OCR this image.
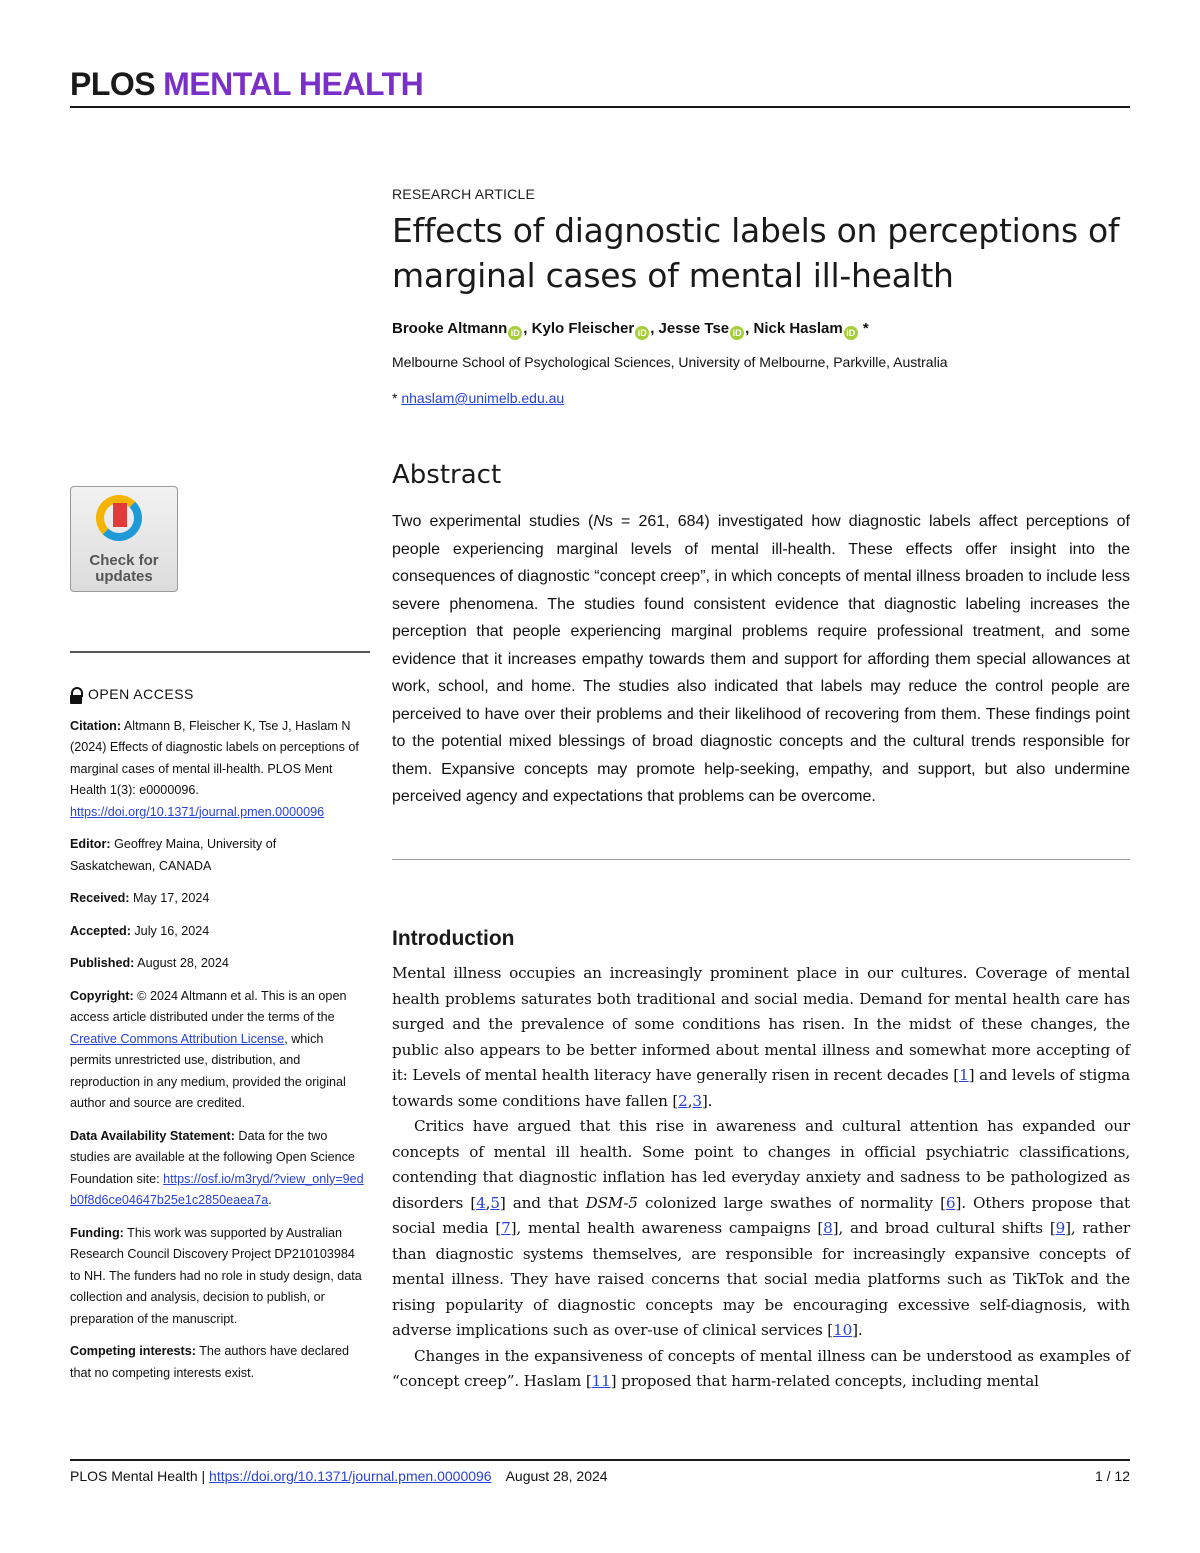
PLOS MENTAL HEALTH

RESEARCH ARTICLE

Effects of diagnostic labels on perceptions of marginal cases of mental ill-health

Brooke Altmann iD , Kylo Fleischer iD , Jesse Tse iD , Nick Haslam iD *

Melbourne School of Psychological Sciences, University of Melbourne, Parkville, Australia

* nhaslam@unimelb.edu.au

Abstract

Two experimental studies (Ns = 261, 684) investigated how diagnostic labels affect perceptions of people experiencing marginal levels of mental ill-health. These effects offer insight into the consequences of diagnostic “concept creep”, in which concepts of mental illness broaden to include less severe phenomena. The studies found consistent evidence that diagnostic labeling increases the perception that people experiencing marginal problems require professional treatment, and some evidence that it increases empathy towards them and support for affording them special allowances at work, school, and home. The studies also indicated that labels may reduce the control people are perceived to have over their problems and their likelihood of recovering from them. These findings point to the potential mixed blessings of broad diagnostic concepts and the cultural trends responsible for them. Expansive concepts may promote help-seeking, empathy, and support, but also undermine perceived agency and expectations that problems can be overcome.

Introduction

Mental illness occupies an increasingly prominent place in our cultures. Coverage of mental health problems saturates both traditional and social media. Demand for mental health care has surged and the prevalence of some conditions has risen. In the midst of these changes, the public also appears to be better informed about mental illness and somewhat more accepting of it: Levels of mental health literacy have generally risen in recent decades [1] and levels of stigma towards some conditions have fallen [2,3].

Critics have argued that this rise in awareness and cultural attention has expanded our concepts of mental ill health. Some point to changes in official psychiatric classifications, contending that diagnostic inflation has led everyday anxiety and sadness to be pathologized as disorders [4,5] and that DSM-5 colonized large swathes of normality [6]. Others propose that social media [7], mental health awareness campaigns [8], and broad cultural shifts [9], rather than diagnostic systems themselves, are responsible for increasingly expansive concepts of mental illness. They have raised concerns that social media platforms such as TikTok and the rising popularity of diagnostic concepts may be encouraging excessive self-diagnosis, with adverse implications such as over-use of clinical services [10].

Changes in the expansiveness of concepts of mental illness can be understood as examples of “concept creep”. Haslam [11] proposed that harm-related concepts, including mental

Check for updates
OPEN ACCESS

Citation: Altmann B, Fleischer K, Tse J, Haslam N (2024) Effects of diagnostic labels on perceptions of marginal cases of mental ill-health. PLOS Ment Health 1(3): e0000096. https://doi.org/10.1371/journal.pmen.0000096

Editor: Geoffrey Maina, University of Saskatchewan, CANADA

Received: May 17, 2024

Accepted: July 16, 2024

Published: August 28, 2024

Copyright: © 2024 Altmann et al. This is an open access article distributed under the terms of the Creative Commons Attribution License, which permits unrestricted use, distribution, and reproduction in any medium, provided the original author and source are credited.

Data Availability Statement: Data for the two studies are available at the following Open Science Foundation site: https://osf.io/m3ryd/?view_only=9edb0f8d6ce04647b25e1c2850eaea7a.

Funding: This work was supported by Australian Research Council Discovery Project DP210103984 to NH. The funders had no role in study design, data collection and analysis, decision to publish, or preparation of the manuscript.

Competing interests: The authors have declared that no competing interests exist.

PLOS Mental Health | https://doi.org/10.1371/journal.pmen.0000096 August 28, 2024	1 / 12
